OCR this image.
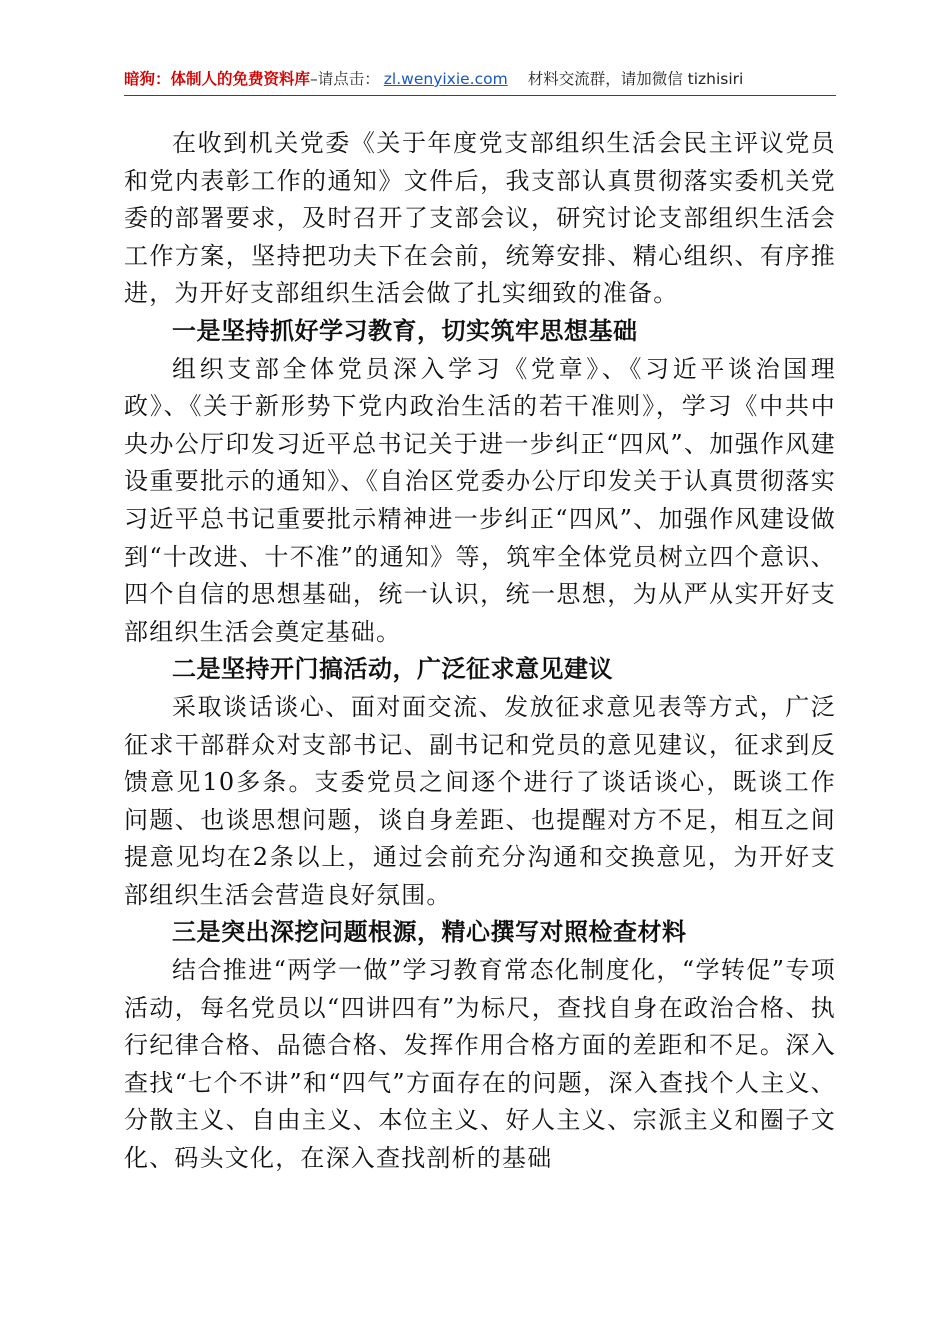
暗狗：体制人的免费资料库–请点击： zl.wenyixie.com 材料交流群，请加微信 tizhisiri

在收到机关党委《关于年度党支部组织生活会民主评议党员和党内表彰工作的通知》文件后，我支部认真贯彻落实委机关党委的部署要求，及时召开了支部会议，研究讨论支部组织生活会工作方案，坚持把功夫下在会前，统筹安排、精心组织、有序推进，为开好支部组织生活会做了扎实细致的准备。

一是坚持抓好学习教育，切实筑牢思想基础

组织支部全体党员深入学习《党章》、《习近平谈治国理政》、《关于新形势下党内政治生活的若干准则》，学习《中共中央办公厅印发习近平总书记关于进一步纠正“四风”、加强作风建设重要批示的通知》、《自治区党委办公厅印发关于认真贯彻落实习近平总书记重要批示精神进一步纠正“四风”、加强作风建设做到“十改进、十不准”的通知》等，筑牢全体党员树立四个意识、四个自信的思想基础，统一认识，统一思想，为从严从实开好支部组织生活会奠定基础。

二是坚持开门搞活动，广泛征求意见建议

采取谈话谈心、面对面交流、发放征求意见表等方式，广泛征求干部群众对支部书记、副书记和党员的意见建议，征求到反馈意见10多条。支委党员之间逐个进行了谈话谈心，既谈工作问题、也谈思想问题，谈自身差距、也提醒对方不足，相互之间提意见均在2条以上，通过会前充分沟通和交换意见，为开好支部组织生活会营造良好氛围。

三是突出深挖问题根源，精心撰写对照检查材料

结合推进“两学一做”学习教育常态化制度化，“学转促”专项活动，每名党员以“四讲四有”为标尺，查找自身在政治合格、执行纪律合格、品德合格、发挥作用合格方面的差距和不足。深入查找“七个不讲”和“四气”方面存在的问题，深入查找个人主义、分散主义、自由主义、本位主义、好人主义、宗派主义和圈子文化、码头文化，在深入查找剖析的基础
